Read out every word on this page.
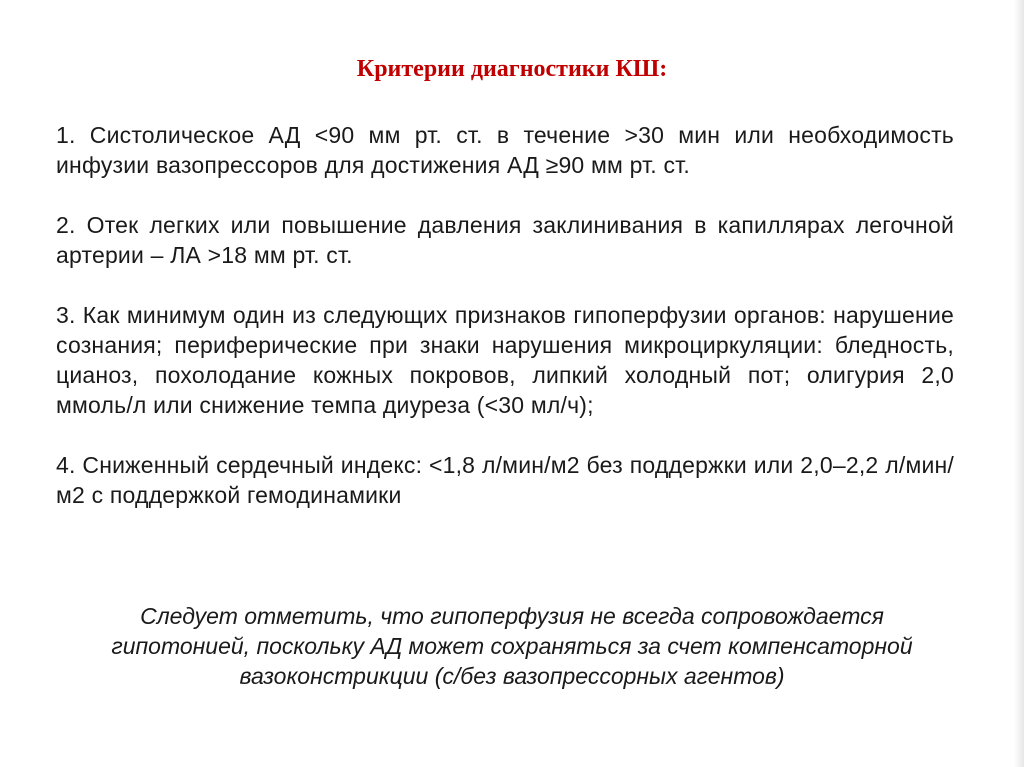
Критерии диагностики КШ:

1. Систолическое АД <90 мм рт. ст. в течение >30 мин или необходимость инфузии вазопрессоров для достижения АД ≥90 мм рт. ст.

2. Отек легких или повышение давления заклинивания в капиллярах легочной артерии – ЛА >18 мм рт. ст.

3. Как минимум один из следующих признаков гипоперфузии органов: нарушение сознания; периферические при знаки нарушения микроциркуляции: бледность, цианоз, похолодание кожных покровов, липкий холодный пот; олигурия 2,0 ммоль/л или снижение темпа диуреза (<30 мл/ч);

4. Сниженный сердечный индекс: <1,8 л/мин/м2 без поддержки или 2,0–2,2 л/мин/м2 с поддержкой гемодинамики

Следует отметить, что гипоперфузия не всегда сопровождается гипотонией, поскольку АД может сохраняться за счет компенсаторной вазоконстрикции (с/без вазопрессорных агентов)
